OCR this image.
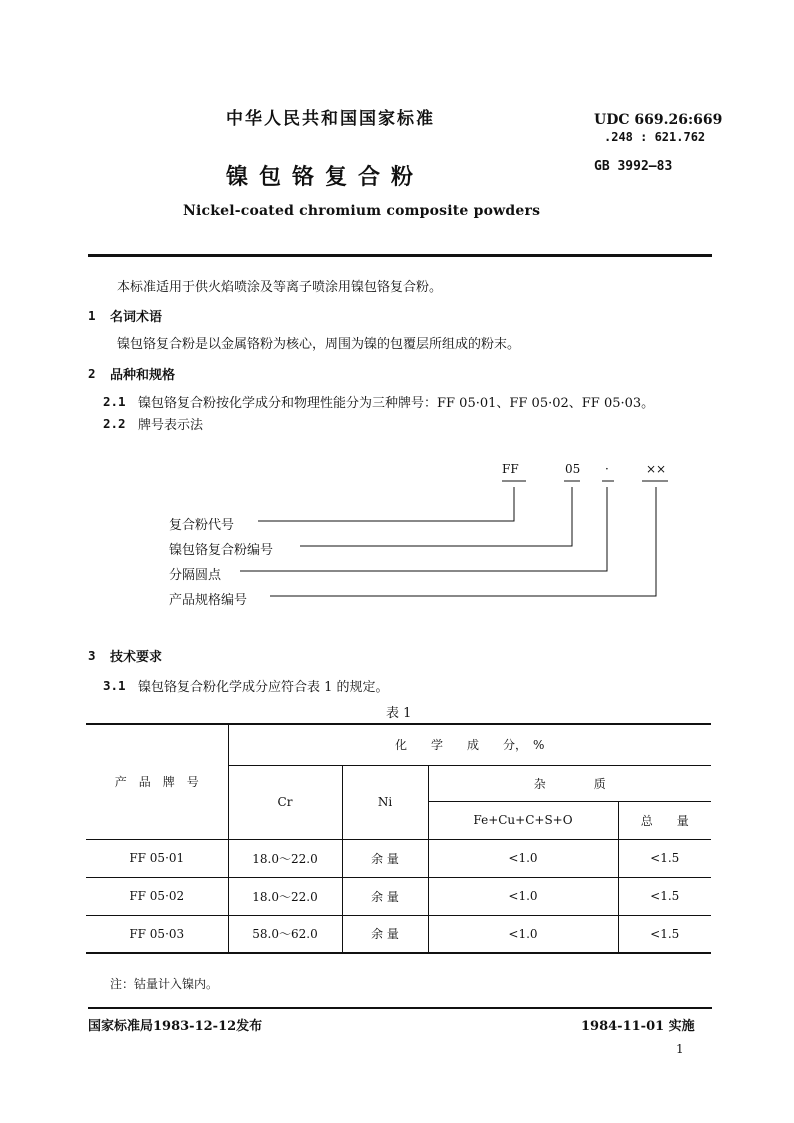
中华人民共和国国家标准	UDC 669.26:669
.248 : 621.762
GB 3992—83
镍包铬复合粉
Nickel-coated chromium composite powders
本标准适用于供火焰喷涂及等离子喷涂用镍包铬复合粉。
1 名词术语
镍包铬复合粉是以金属铬粉为核心，周围为镍的包覆层所组成的粉末。
2 品种和规格
2.1 镍包铬复合粉按化学成分和物理性能分为三种牌号：FF 05·01、FF 05·02、FF 05·03。
2.2 牌号表示法
FF	05 ·	××
复合粉代号
镍包铬复合粉编号
分隔圆点
产品规格编号
3 技术要求
3.1 镍包铬复合粉化学成分应符合表 1 的规定。
表 1
产　品　牌　号	化　　学　　成　　分，　%			
	Cr	Ni	杂　　　　质	
			Fe+Cu+C+S+O	总　　量
FF 05·01	18.0～22.0	余 量	<1.0	<1.5
FF 05·02	18.0～22.0	余 量	<1.0	<1.5
FF 05·03	58.0～62.0	余 量	<1.0	<1.5
注：钴量计入镍内。
国家标准局1983-12-12发布	1984-11-01 实施
1
